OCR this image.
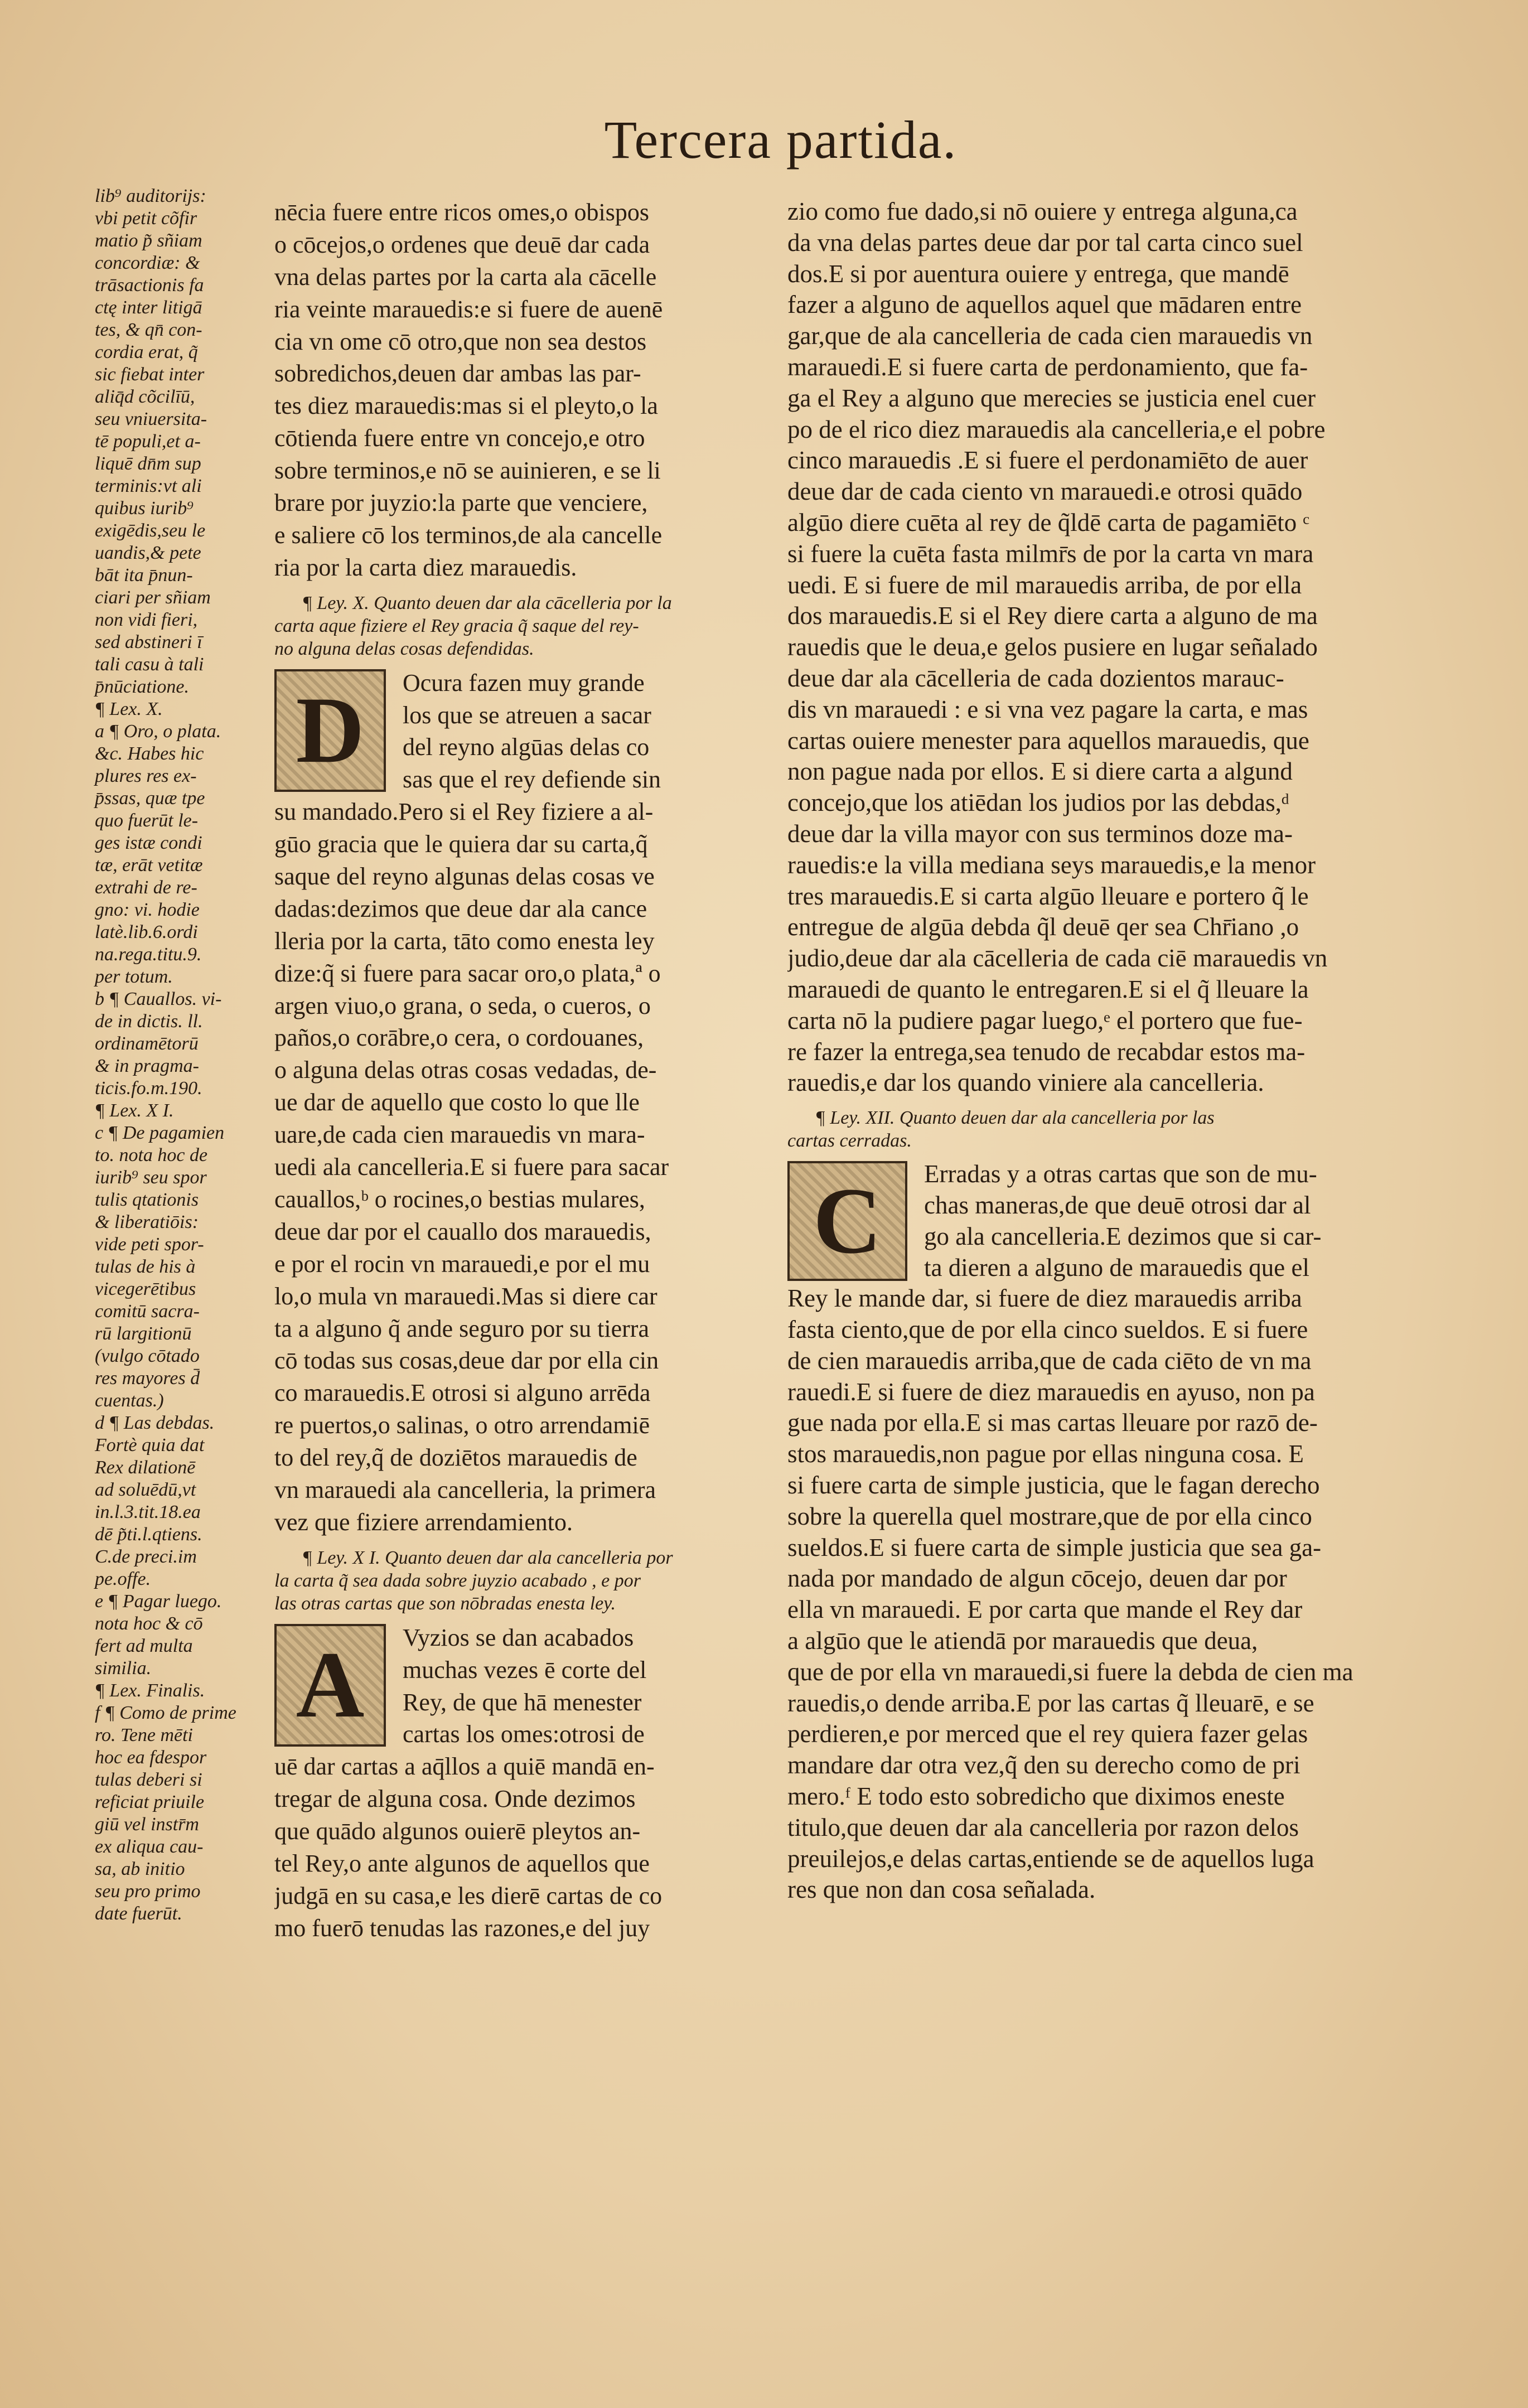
Tercera partida.
lib⁹ auditorijs:
vbi petit cõfir
matio p̃ sñiam
concordiæ: &
trāsactionis fa
ctę inter litigā
tes, & qn̄ con-
cordia erat, q̃
sic fiebat inter
aliq̄d cõcilīū,
seu vniuersita-
tē populi,et a-
liquē dn̄m sup
terminis:vt ali
quibus iurib⁹
exigēdis,seu le
uandis,& pete
bāt ita p̄nun-
ciari per sñiam
non vidi fieri,
sed abstineri ī
tali casu à tali
p̄nūciatione.
¶ Lex. X.
a ¶ Oro, o plata.
&c. Habes hic
plures res ex-
p̄ssas, quæ tpe
quo fuerūt le-
ges istæ condi
tæ, erāt vetitæ
extrahi de re-
gno: vi. hodie
latè.lib.6.ordi
na.rega.titu.9.
per totum.
b ¶ Cauallos. vi-
de in dictis. ll.
ordinamētorū
& in pragma-
ticis.fo.m.190.
¶ Lex. X I.
c ¶ De pagamien
to. nota hoc de
iurib⁹ seu spor
tulis qtationis
& liberatiōis:
vide peti spor-
tulas de his à
vicegerētibus
comitū sacra-
rū largitionū
(vulgo cōtado
res mayores d̄
cuentas.)
d ¶ Las debdas.
Fortè quia dat
Rex dilationē
ad soluēdū,vt
in.l.3.tit.18.ea
dē p̃ti.l.qtiens.
C.de preci.im
pe.offe.
e ¶ Pagar luego.
nota hoc & cō
fert ad multa
similia.
¶ Lex. Finalis.
f ¶ Como de prime
ro. Tene mēti
hoc ea fdespor
tulas deberi si
reficiat priuile
giū vel instr̄m
ex aliqua cau-
sa, ab initio
seu pro primo
date fuerūt.
nēcia fuere entre ricos omes,o obispos
o cōcejos,o ordenes que deuē dar cada
vna delas partes por la carta ala cācelle
ria veinte marauedis:e si fuere de auenē
cia vn ome cō otro,que non sea destos
sobredichos,deuen dar ambas las par-
tes diez marauedis:mas si el pleyto,o la
cōtienda fuere entre vn concejo,e otro
sobre terminos,e nō se auinieren, e se li
brare por juyzio:la parte que venciere,
e saliere cō los terminos,de ala cancelle
ria por la carta diez marauedis.
¶ Ley. X. Quanto deuen dar ala cācelleria por la
carta aque fiziere el Rey gracia q̃ saque del rey-
no alguna delas cosas defendidas.
D	Ocura fazen muy grande
los que se atreuen a sacar
del reyno algūas delas co
sas que el rey defiende sin
su mandado.Pero si el Rey fiziere a al-
gūo gracia que le quiera dar su carta,q̃
saque del reyno algunas delas cosas ve
dadas:dezimos que deue dar ala cance
lleria por la carta, tāto como enesta ley
dize:q̃ si fuere para sacar oro,o plata,ª o
argen viuo,o grana, o seda, o cueros, o
paños,o corābre,o cera, o cordouanes,
o alguna delas otras cosas vedadas, de-
ue dar de aquello que costo lo que lle
uare,de cada cien marauedis vn mara-
uedi ala cancelleria.E si fuere para sacar
cauallos,ᵇ o rocines,o bestias mulares,
deue dar por el cauallo dos marauedis,
e por el rocin vn marauedi,e por el mu
lo,o mula vn marauedi.Mas si diere car
ta a alguno q̃ ande seguro por su tierra
cō todas sus cosas,deue dar por ella cin
co marauedis.E otrosi si alguno arrēda
re puertos,o salinas, o otro arrendamiē
to del rey,q̃ de doziētos marauedis de
vn marauedi ala cancelleria, la primera
vez que fiziere arrendamiento.
¶ Ley. X I. Quanto deuen dar ala cancelleria por
la carta q̃ sea dada sobre juyzio acabado , e por
las otras cartas que son nōbradas enesta ley.
A	Vyzios se dan acabados
muchas vezes ē corte del
Rey, de que hā menester
cartas los omes:otrosi de
uē dar cartas a aq̄llos a quiē mandā en-
tregar de alguna cosa. Onde dezimos
que quādo algunos ouierē pleytos an-
tel Rey,o ante algunos de aquellos que
judgā en su casa,e les dierē cartas de co
mo fuerō tenudas las razones,e del juy
zio como fue dado,si nō ouiere y entrega alguna,ca
da vna delas partes deue dar por tal carta cinco suel
dos.E si por auentura ouiere y entrega, que mandē
fazer a alguno de aquellos aquel que mādaren entre
gar,que de ala cancelleria de cada cien marauedis vn
marauedi.E si fuere carta de perdonamiento, que fa-
ga el Rey a alguno que merecies se justicia enel cuer
po de el rico diez marauedis ala cancelleria,e el pobre
cinco marauedis .E si fuere el perdonamiēto de auer
deue dar de cada ciento vn marauedi.e otrosi quādo
algūo diere cuēta al rey de q̃ldē carta de pagamiēto ᶜ
si fuere la cuēta fasta milmr̄s de por la carta vn mara
uedi. E si fuere de mil marauedis arriba, de por ella
dos marauedis.E si el Rey diere carta a alguno de ma
rauedis que le deua,e gelos pusiere en lugar señalado
deue dar ala cācelleria de cada dozientos marauc-
dis vn marauedi : e si vna vez pagare la carta, e mas
cartas ouiere menester para aquellos marauedis, que
non pague nada por ellos. E si diere carta a algund
concejo,que los atiēdan los judios por las debdas,ᵈ
deue dar la villa mayor con sus terminos doze ma-
rauedis:e la villa mediana seys marauedis,e la menor
tres marauedis.E si carta algūo lleuare e portero q̃ le
entregue de algūa debda q̃l deuē qer sea Chr̄iano ,o
judio,deue dar ala cācelleria de cada ciē marauedis vn
marauedi de quanto le entregaren.E si el q̃ lleuare la
carta nō la pudiere pagar luego,ᵉ el portero que fue-
re fazer la entrega,sea tenudo de recabdar estos ma-
rauedis,e dar los quando viniere ala cancelleria.
¶ Ley. XII. Quanto deuen dar ala cancelleria por las
cartas cerradas.
C	Erradas y a otras cartas que son de mu-
chas maneras,de que deuē otrosi dar al
go ala cancelleria.E dezimos que si car-
ta dieren a alguno de marauedis que el
Rey le mande dar, si fuere de diez marauedis arriba
fasta ciento,que de por ella cinco sueldos. E si fuere
de cien marauedis arriba,que de cada ciēto de vn ma
rauedi.E si fuere de diez marauedis en ayuso, non pa
gue nada por ella.E si mas cartas lleuare por razō de-
stos marauedis,non pague por ellas ninguna cosa. E
si fuere carta de simple justicia, que le fagan derecho
sobre la querella quel mostrare,que de por ella cinco
sueldos.E si fuere carta de simple justicia que sea ga-
nada por mandado de algun cōcejo, deuen dar por
ella vn marauedi. E por carta que mande el Rey dar
a algūo que le atiendā por marauedis que deua,
que de por ella vn marauedi,si fuere la debda de cien ma
rauedis,o dende arriba.E por las cartas q̃ lleuarē, e se
perdieren,e por merced que el rey quiera fazer gelas
mandare dar otra vez,q̃ den su derecho como de pri
mero.ᶠ E todo esto sobredicho que diximos eneste
titulo,que deuen dar ala cancelleria por razon delos
preuilejos,e delas cartas,entiende se de aquellos luga
res que non dan cosa señalada.
